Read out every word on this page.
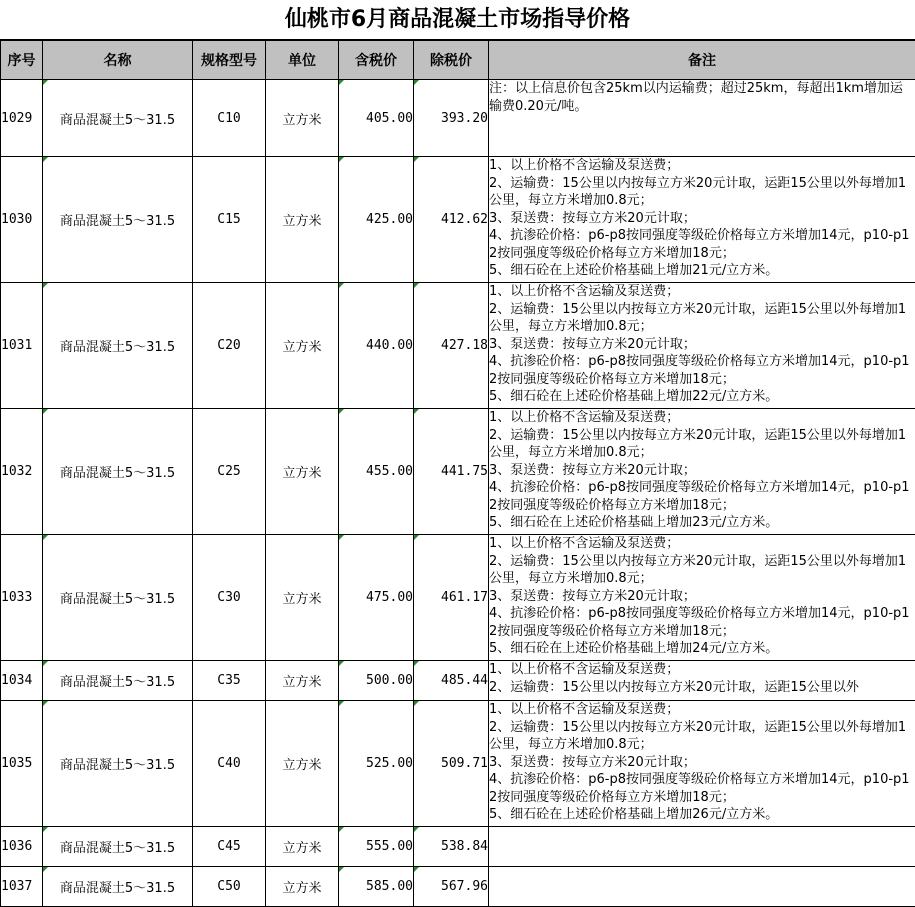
仙桃市6月商品混凝土市场指导价格
序号	名称	规格型号	单位	含税价	除税价	备注
1029	商品混凝土5～31.5	C10	立方米	405.00	393.20	注：以上信息价包含25km以内运输费；超过25km，每超出1km增加运输费0.20元/吨。

1030	商品混凝土5～31.5	C15	立方米	425.00	412.62	1、以上价格不含运输及泵送费；
2、运输费：15公里以内按每立方米20元计取，运距15公里以外每增加1公里，每立方米增加0.8元；
3、泵送费：按每立方米20元计取；
4、抗渗砼价格：p6-p8按同强度等级砼价格每立方米增加14元，p10-p12按同强度等级砼价格每立方米增加18元；
5、细石砼在上述砼价格基础上增加21元/立方米。

1031	商品混凝土5～31.5	C20	立方米	440.00	427.18	1、以上价格不含运输及泵送费；
2、运输费：15公里以内按每立方米20元计取，运距15公里以外每增加1公里，每立方米增加0.8元；
3、泵送费：按每立方米20元计取；
4、抗渗砼价格：p6-p8按同强度等级砼价格每立方米增加14元，p10-p12按同强度等级砼价格每立方米增加18元；
5、细石砼在上述砼价格基础上增加22元/立方米。

1032	商品混凝土5～31.5	C25	立方米	455.00	441.75	1、以上价格不含运输及泵送费；
2、运输费：15公里以内按每立方米20元计取，运距15公里以外每增加1公里，每立方米增加0.8元；
3、泵送费：按每立方米20元计取；
4、抗渗砼价格：p6-p8按同强度等级砼价格每立方米增加14元，p10-p12按同强度等级砼价格每立方米增加18元；
5、细石砼在上述砼价格基础上增加23元/立方米。

1033	商品混凝土5～31.5	C30	立方米	475.00	461.17	1、以上价格不含运输及泵送费；
2、运输费：15公里以内按每立方米20元计取，运距15公里以外每增加1公里，每立方米增加0.8元；
3、泵送费：按每立方米20元计取；
4、抗渗砼价格：p6-p8按同强度等级砼价格每立方米增加14元，p10-p12按同强度等级砼价格每立方米增加18元；
5、细石砼在上述砼价格基础上增加24元/立方米。

1034	商品混凝土5～31.5	C35	立方米	500.00	485.44	1、以上价格不含运输及泵送费；
2、运输费：15公里以内按每立方米20元计取，运距15公里以外

1035	商品混凝土5～31.5	C40	立方米	525.00	509.71	1、以上价格不含运输及泵送费；
2、运输费：15公里以内按每立方米20元计取，运距15公里以外每增加1公里，每立方米增加0.8元；
3、泵送费：按每立方米20元计取；
4、抗渗砼价格：p6-p8按同强度等级砼价格每立方米增加14元，p10-p12按同强度等级砼价格每立方米增加18元；
5、细石砼在上述砼价格基础上增加26元/立方米。

1036	商品混凝土5～31.5	C45	立方米	555.00	538.84	

1037	商品混凝土5～31.5	C50	立方米	585.00	567.96	
